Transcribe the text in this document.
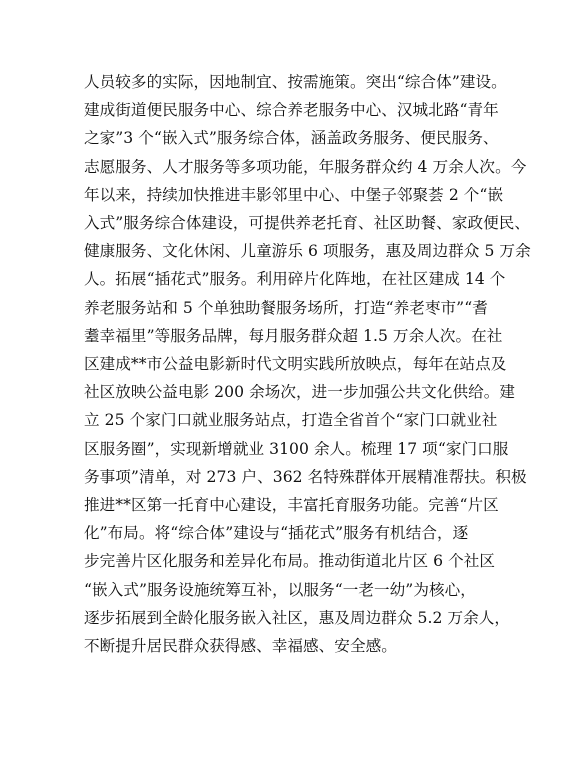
人员较多的实际，因地制宜、按需施策。突出“综合体”建设。
建成街道便民服务中心、综合养老服务中心、汉城北路“青年
之家”3 个“嵌入式”服务综合体，涵盖政务服务、便民服务、
志愿服务、人才服务等多项功能，年服务群众约 4 万余人次。今
年以来，持续加快推进丰影邻里中心、中堡子邻聚荟 2 个“嵌
入式”服务综合体建设，可提供养老托育、社区助餐、家政便民、
健康服务、文化休闲、儿童游乐 6 项服务，惠及周边群众 5 万余
人。拓展“插花式”服务。利用碎片化阵地，在社区建成 14 个
养老服务站和 5 个单独助餐服务场所，打造“养老枣市”“耆
耋幸福里”等服务品牌，每月服务群众超 1.5 万余人次。在社
区建成**市公益电影新时代文明实践所放映点，每年在站点及
社区放映公益电影 200 余场次，进一步加强公共文化供给。建
立 25 个家门口就业服务站点，打造全省首个“家门口就业社
区服务圈”，实现新增就业 3100 余人。梳理 17 项“家门口服
务事项”清单，对 273 户、362 名特殊群体开展精准帮扶。积极
推进**区第一托育中心建设，丰富托育服务功能。完善“片区
化”布局。将“综合体”建设与“插花式”服务有机结合，逐
步完善片区化服务和差异化布局。推动街道北片区 6 个社区
“嵌入式”服务设施统筹互补，以服务“一老一幼”为核心，
逐步拓展到全龄化服务嵌入社区，惠及周边群众 5.2 万余人，
不断提升居民群众获得感、幸福感、安全感。
